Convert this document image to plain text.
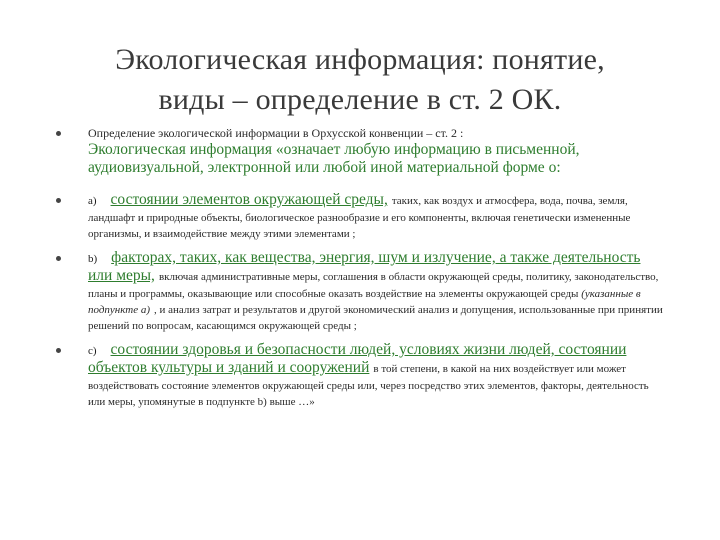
Экологическая информация: понятие,
виды – определение в ст. 2 ОК.
Определение экологической информации в Орхусской конвенции – ст. 2 :
Экологическая информация «означает любую информацию в письменной, аудиовизуальной, электронной или любой иной материальной форме о:
a) состоянии элементов окружающей среды, таких, как воздух и атмосфера, вода, почва, земля, ландшафт и природные объекты, биологическое разнообразие и его компоненты, включая генетически измененные организмы, и взаимодействие между этими элементами ;
b) факторах, таких, как вещества, энергия, шум и излучение, а также деятельность или меры, включая административные меры, соглашения в области окружающей среды, политику, законодательство, планы и программы, оказывающие или способные оказать воздействие на элементы окружающей среды (указанные в подпункте а) , и анализ затрат и результатов и другой экономический анализ и допущения, использованные при принятии решений по вопросам, касающимся окружающей среды ;
c) состоянии здоровья и безопасности людей, условиях жизни людей, состоянии объектов культуры и зданий и сооружений в той степени, в какой на них воздействует или может воздействовать состояние элементов окружающей среды или, через посредство этих элементов, факторы, деятельность или меры, упомянутые в подпункте b) выше …»
